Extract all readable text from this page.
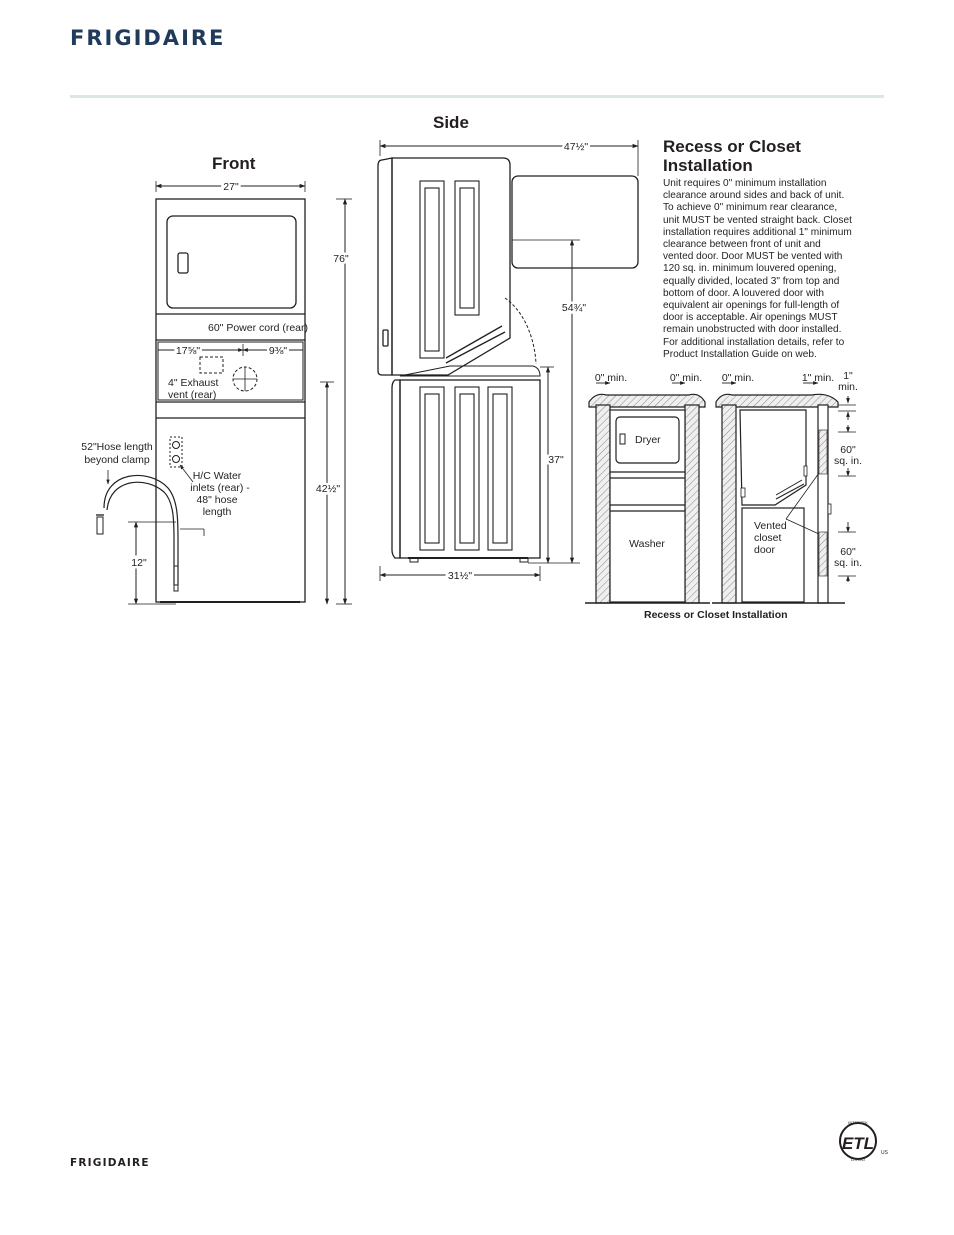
FRIGIDAIRE
27"
76"
42½"
60" Power cord (rear)
17⅝"	9⅜"
4" Exhaust
vent (rear)
52"Hose length
beyond clamp
H/C Water
inlets (rear) -
48" hose
length
12"
47½"
54¾"
37"
31½"
0" min.	0" min. 0" min.	1" min. 1"
min.
Dryer
Washer
Vented
closet
door
60"
sq. in.
60"
sq. in.
ETL
INTERTEK
LISTED
US
Side
Front
Recess or Closet Installation

Unit requires 0" minimum installation clearance around sides and back of unit. To achieve 0" minimum rear clearance, unit MUST be vented straight back. Closet installation requires additional 1" minimum clearance between front of unit and vented door. Door MUST be vented with 120 sq. in. minimum louvered opening, equally divided, located 3" from top and bottom of door. A louvered door with equivalent air openings for full-length of door is acceptable. Air openings MUST remain unobstructed with door installed. For additional installation details, refer to Product Installation Guide on web.

Recess or Closet Installation

FRIGIDAIRE
